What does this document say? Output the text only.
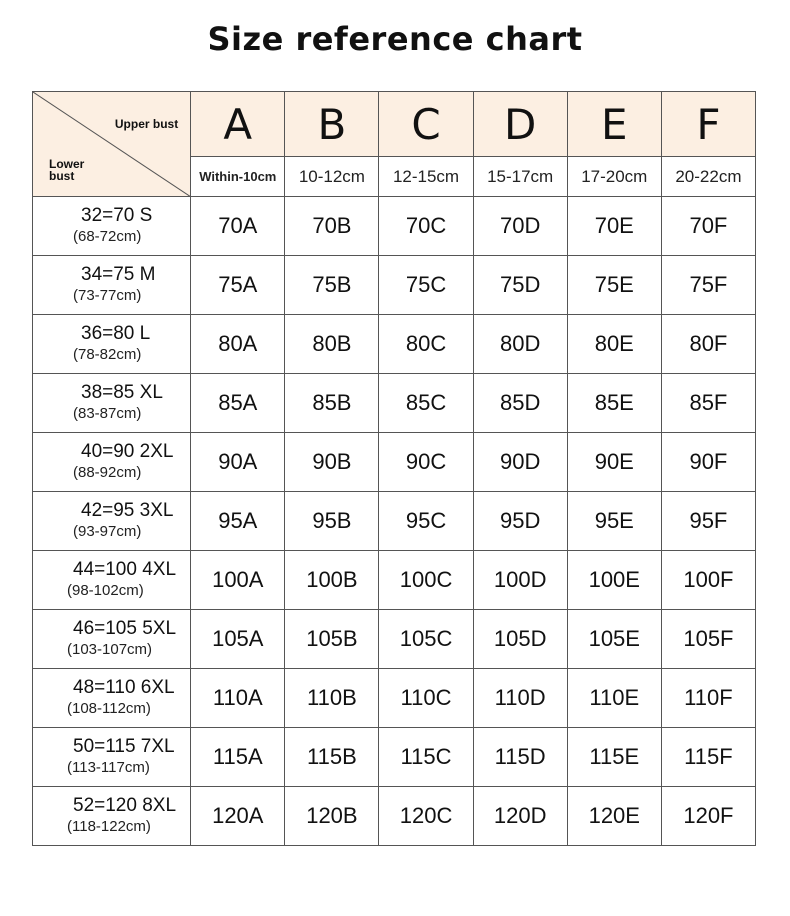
Size reference chart
Upper bust
Lower
bust	A	B	C	D	E	F
	Within-10cm	10-12cm	12-15cm	15-17cm	17-20cm	20-22cm

32=70 S
(68-72cm)	70A	70B	70C	70D	70E	70F

34=75 M
(73-77cm)	75A	75B	75C	75D	75E	75F

36=80 L
(78-82cm)	80A	80B	80C	80D	80E	80F

38=85 XL
(83-87cm)	85A	85B	85C	85D	85E	85F

40=90 2XL
(88-92cm)	90A	90B	90C	90D	90E	90F

42=95 3XL
(93-97cm)	95A	95B	95C	95D	95E	95F

44=100 4XL
(98-102cm)	100A	100B	100C	100D	100E	100F

46=105 5XL
(103-107cm)	105A	105B	105C	105D	105E	105F

48=110 6XL
(108-112cm)	110A	110B	110C	110D	110E	110F

50=115 7XL
(113-117cm)	115A	115B	115C	115D	115E	115F

52=120 8XL
(118-122cm)	120A	120B	120C	120D	120E	120F
